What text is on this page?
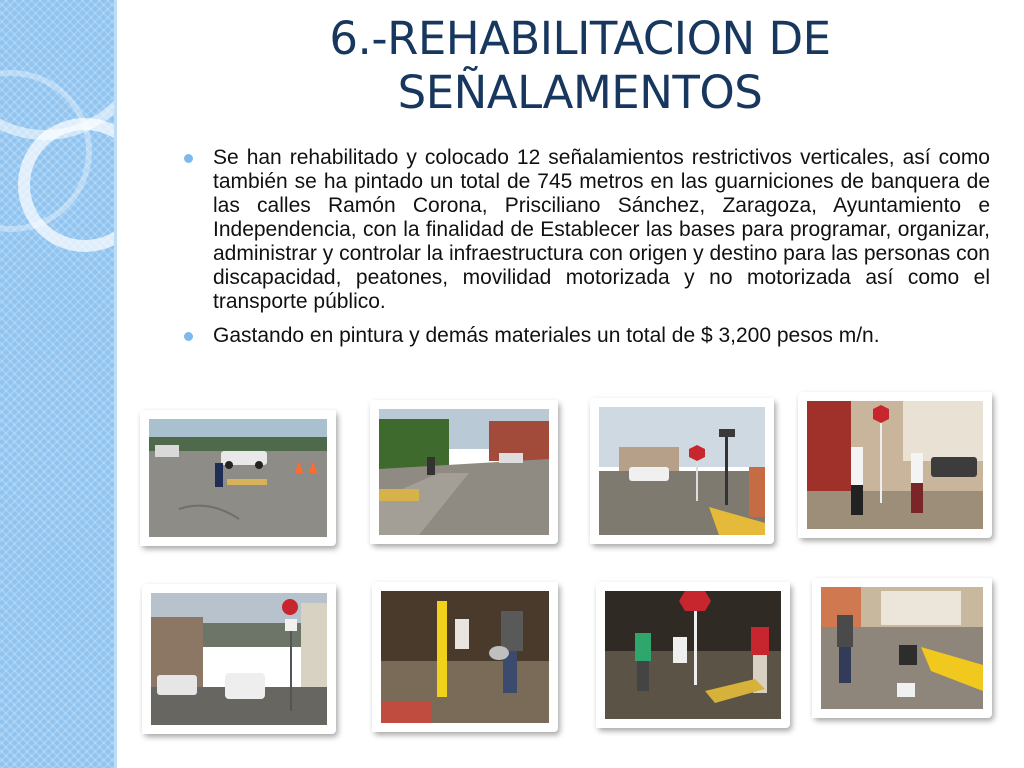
6.-REHABILITACION DE
SEÑALAMENTOS
Se han rehabilitado y colocado 12 señalamientos restrictivos verticales, así como también se ha pintado un total de 745 metros en las guarniciones de banquera de las calles Ramón Corona, Prisciliano Sánchez, Zaragoza, Ayuntamiento e Independencia, con la finalidad de Establecer las bases para programar, organizar, administrar y controlar la infraestructura con origen y destino para las personas con discapacidad, peatones, movilidad motorizada y no motorizada así como el transporte público.
Gastando en pintura y demás materiales un total de $ 3,200 pesos m/n.
